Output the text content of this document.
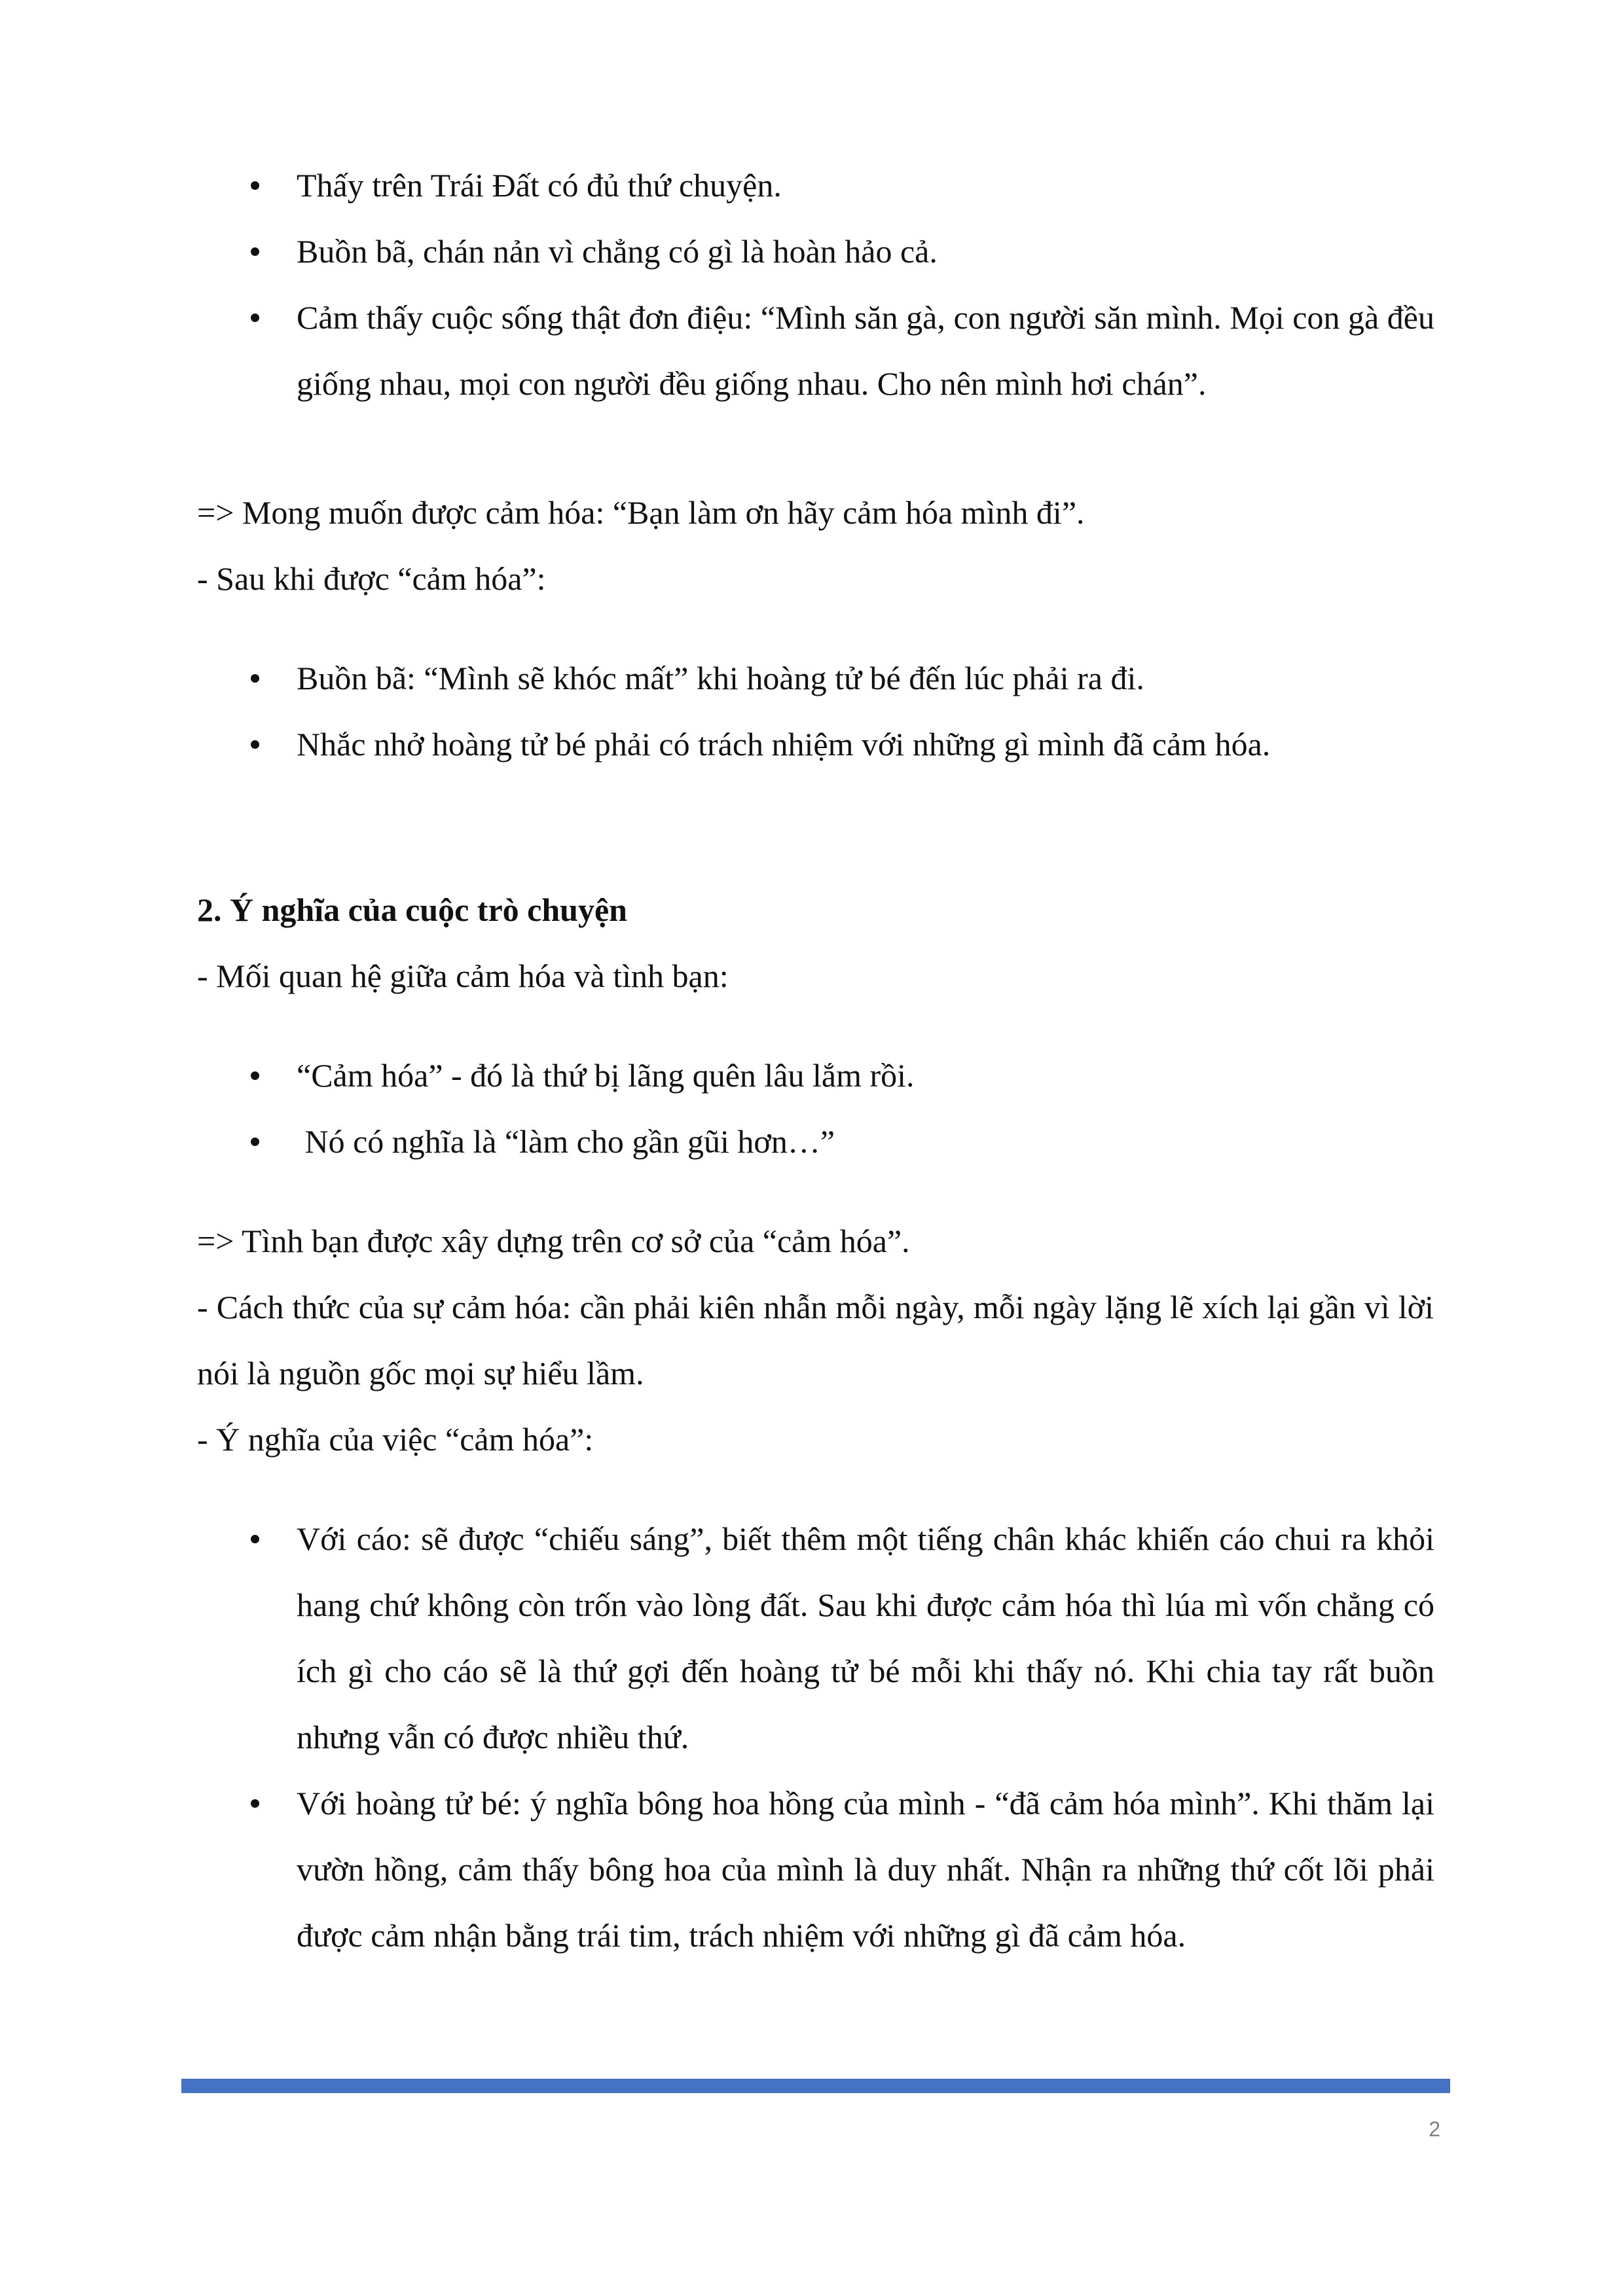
Thấy trên Trái Đất có đủ thứ chuyện.
Buồn bã, chán nản vì chẳng có gì là hoàn hảo cả.
Cảm thấy cuộc sống thật đơn điệu: “Mình săn gà, con người săn mình. Mọi con gà đều giống nhau, mọi con người đều giống nhau. Cho nên mình hơi chán”.

=> Mong muốn được cảm hóa: “Bạn làm ơn hãy cảm hóa mình đi”.

- Sau khi được “cảm hóa”:

Buồn bã: “Mình sẽ khóc mất” khi hoàng tử bé đến lúc phải ra đi.
Nhắc nhở hoàng tử bé phải có trách nhiệm với những gì mình đã cảm hóa.
2. Ý nghĩa của cuộc trò chuyện

- Mối quan hệ giữa cảm hóa và tình bạn:

“Cảm hóa” - đó là thứ bị lãng quên lâu lắm rồi.
Nó có nghĩa là “làm cho gần gũi hơn…”

=> Tình bạn được xây dựng trên cơ sở của “cảm hóa”.

- Cách thức của sự cảm hóa: cần phải kiên nhẫn mỗi ngày, mỗi ngày lặng lẽ xích lại gần vì lời nói là nguồn gốc mọi sự hiểu lầm.

- Ý nghĩa của việc “cảm hóa”:

Với cáo: sẽ được “chiếu sáng”, biết thêm một tiếng chân khác khiến cáo chui ra khỏi hang chứ không còn trốn vào lòng đất. Sau khi được cảm hóa thì lúa mì vốn chẳng có ích gì cho cáo sẽ là thứ gợi đến hoàng tử bé mỗi khi thấy nó. Khi chia tay rất buồn nhưng vẫn có được nhiều thứ.
Với hoàng tử bé: ý nghĩa bông hoa hồng của mình - “đã cảm hóa mình”. Khi thăm lại vườn hồng, cảm thấy bông hoa của mình là duy nhất. Nhận ra những thứ cốt lõi phải được cảm nhận bằng trái tim, trách nhiệm với những gì đã cảm hóa.
2
